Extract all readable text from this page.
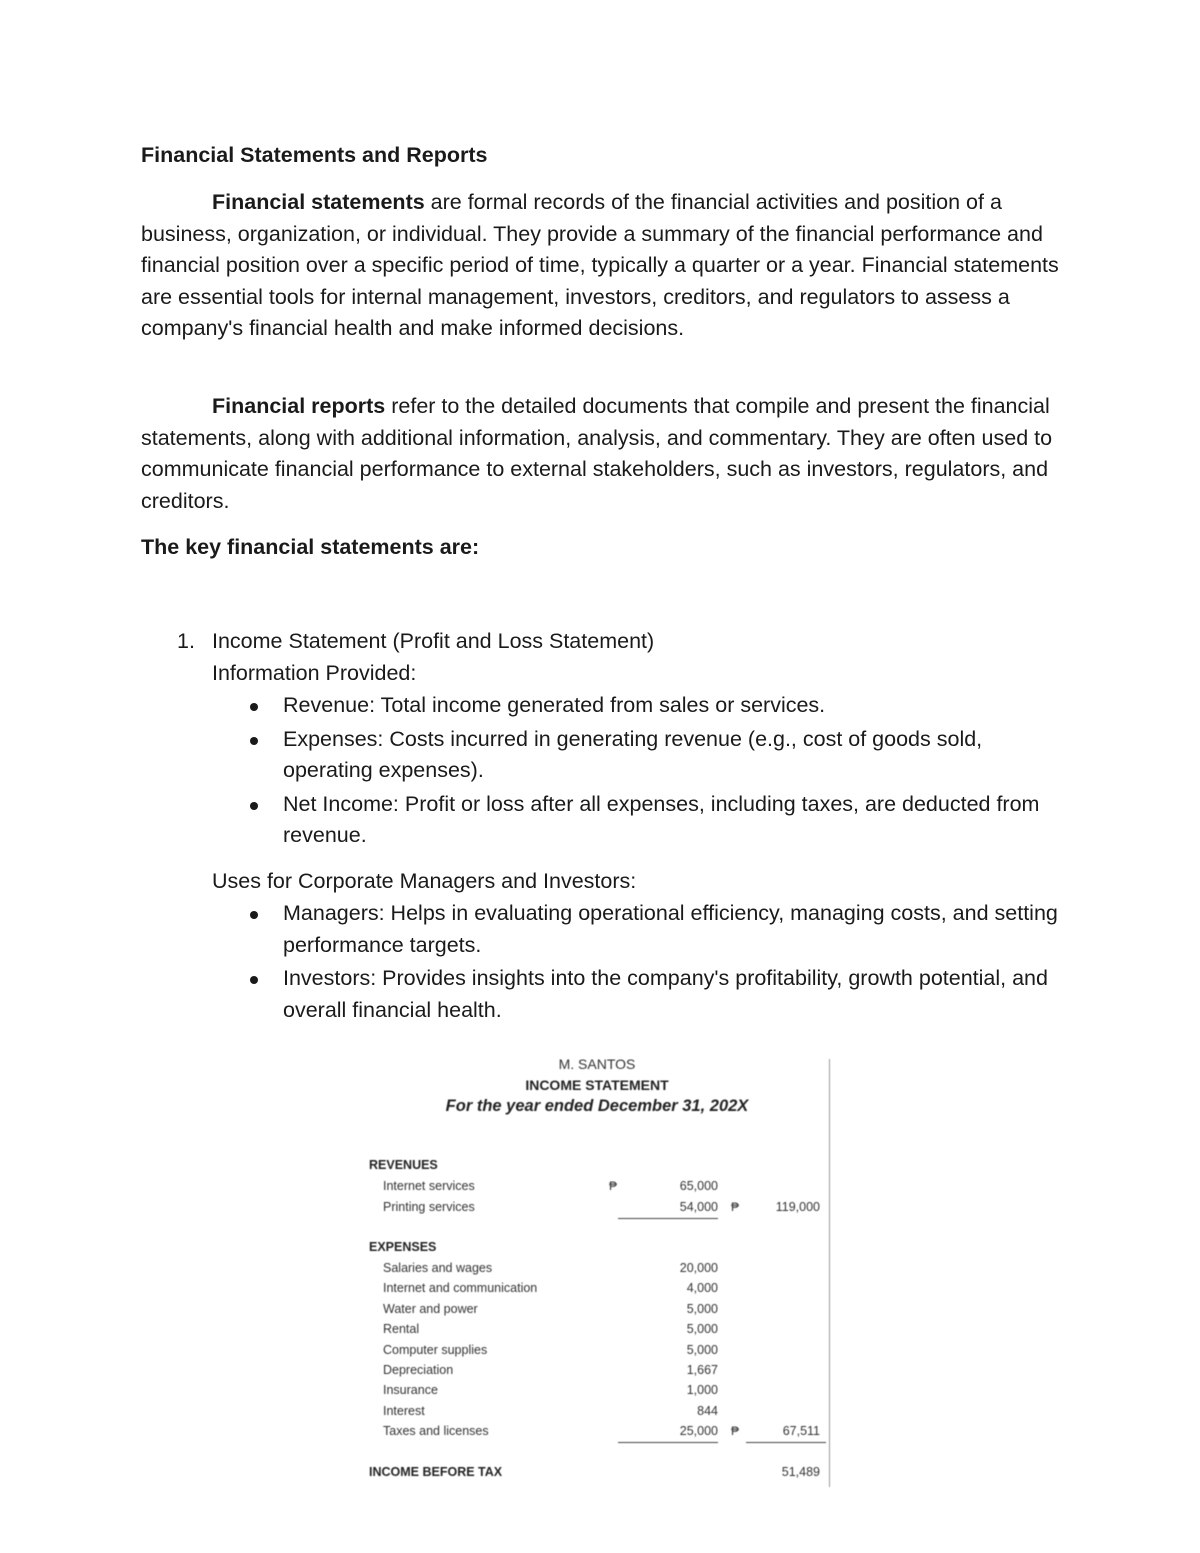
Financial Statements and Reports

Financial statements are formal records of the financial activities and position of a business, organization, or individual. They provide a summary of the financial performance and financial position over a specific period of time, typically a quarter or a year. Financial statements are essential tools for internal management, investors, creditors, and regulators to assess a company's financial health and make informed decisions.

Financial reports refer to the detailed documents that compile and present the financial statements, along with additional information, analysis, and commentary. They are often used to communicate financial performance to external stakeholders, such as investors, regulators, and creditors.

The key financial statements are:
1. Income Statement (Profit and Loss Statement)
Information Provided:
Revenue: Total income generated from sales or services.
Expenses: Costs incurred in generating revenue (e.g., cost of goods sold, operating expenses).
Net Income: Profit or loss after all expenses, including taxes, are deducted from revenue.
Uses for Corporate Managers and Investors:
Managers: Helps in evaluating operational efficiency, managing costs, and setting performance targets.
Investors: Provides insights into the company's profitability, growth potential, and overall financial health.
M. SANTOS
INCOME STATEMENT
For the year ended December 31, 202X
REVENUES
Internet services	₱	65,000
Printing services	54,000 ₱	119,000
EXPENSES
Salaries and wages	20,000
Internet and communication	4,000
Water and power	5,000
Rental	5,000
Computer supplies	5,000
Depreciation	1,667
Insurance	1,000
Interest	844
Taxes and licenses	25,000 ₱	67,511
INCOME BEFORE TAX	51,489
